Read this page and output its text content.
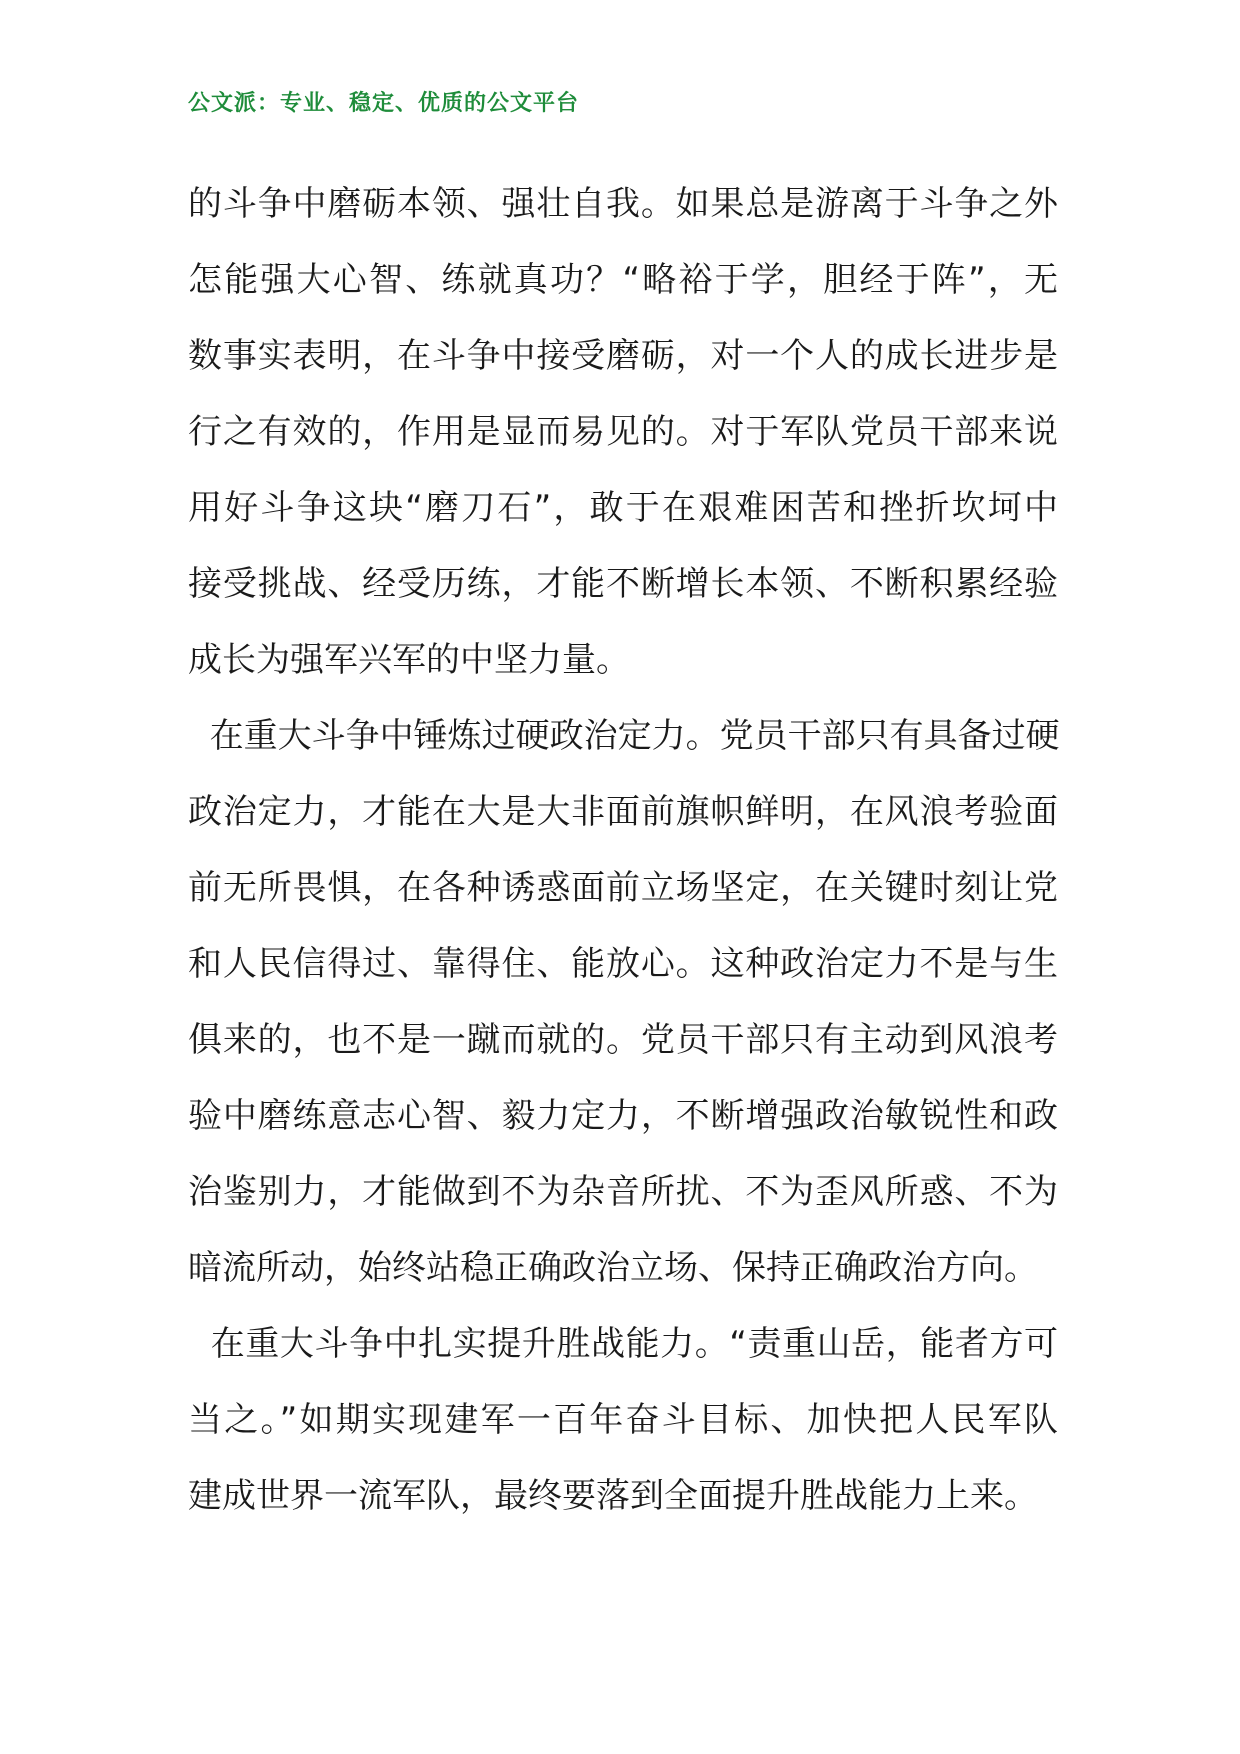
公文派：专业、稳定、优质的公文平台
的斗争中磨砺本领、强壮自我。如果总是游离于斗争之外
怎能强大心智、练就真功？“略裕于学，胆经于阵”，无
数事实表明，在斗争中接受磨砺，对一个人的成长进步是
行之有效的，作用是显而易见的。对于军队党员干部来说
用好斗争这块“磨刀石”，敢于在艰难困苦和挫折坎坷中
接受挑战、经受历练，才能不断增长本领、不断积累经验
成长为强军兴军的中坚力量。
在重大斗争中锤炼过硬政治定力。党员干部只有具备过硬
政治定力，才能在大是大非面前旗帜鲜明，在风浪考验面
前无所畏惧，在各种诱惑面前立场坚定，在关键时刻让党
和人民信得过、靠得住、能放心。这种政治定力不是与生
俱来的，也不是一蹴而就的。党员干部只有主动到风浪考
验中磨练意志心智、毅力定力，不断增强政治敏锐性和政
治鉴别力，才能做到不为杂音所扰、不为歪风所惑、不为
暗流所动，始终站稳正确政治立场、保持正确政治方向。
在重大斗争中扎实提升胜战能力。“责重山岳，能者方可
当之。”如期实现建军一百年奋斗目标、加快把人民军队
建成世界一流军队，最终要落到全面提升胜战能力上来。
